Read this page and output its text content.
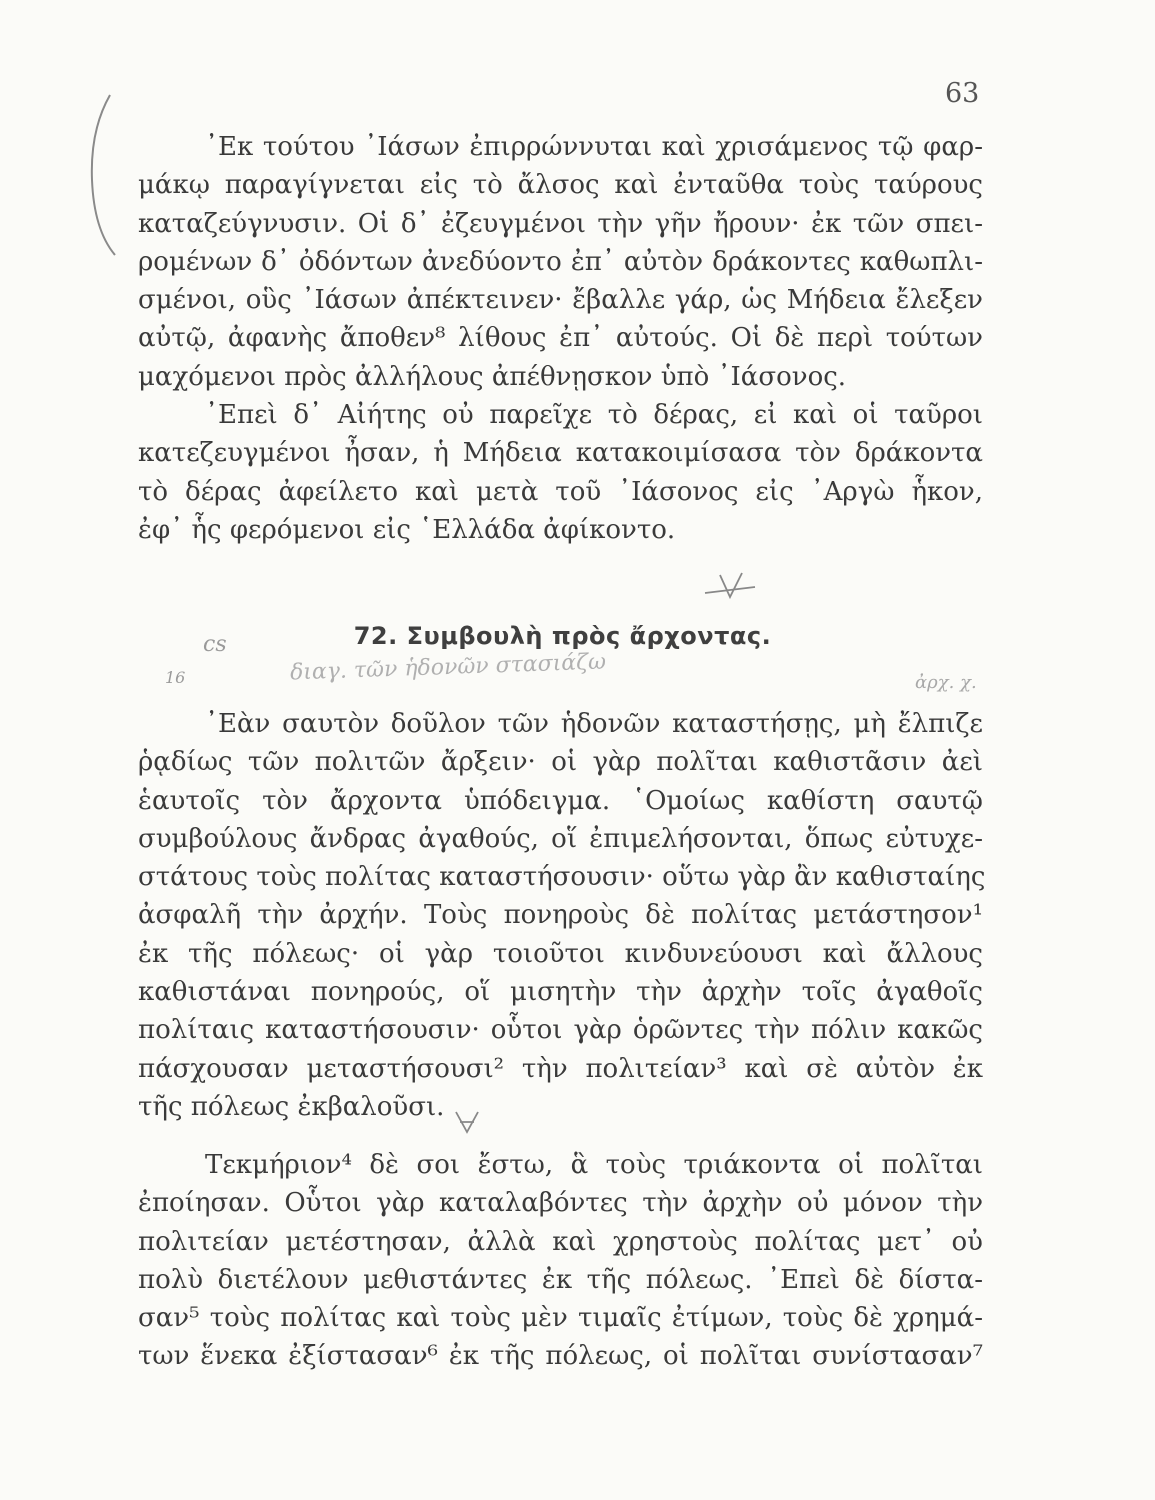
63
᾿Εκ τούτου ᾿Ιάσων ἐπιρρώννυται καὶ χρισάμενος τῷ φαρ-
μάκῳ παραγίγνεται εἰς τὸ ἄλσος καὶ ἐνταῦθα τοὺς ταύρους
καταζεύγνυσιν. Οἱ δ᾿ ἐζευγμένοι τὴν γῆν ἤρουν· ἐκ τῶν σπει-
ρομένων δ᾿ ὀδόντων ἀνεδύοντο ἐπ᾿ αὐτὸν δράκοντες καθωπλι-
σμένοι, οὓς ᾿Ιάσων ἀπέκτεινεν· ἔβαλλε γάρ, ὡς Μήδεια ἔλεξεν
αὐτῷ, ἀφανὴς ἄποθεν⁸ λίθους ἐπ᾿ αὐτούς. Οἱ δὲ περὶ τούτων
μαχόμενοι πρὸς ἀλλήλους ἀπέθνῃσκον ὑπὸ ᾿Ιάσονος.
᾿Επεὶ δ᾿ Αἰήτης οὐ παρεῖχε τὸ δέρας, εἰ καὶ οἱ ταῦροι
κατεζευγμένοι ἦσαν, ἡ Μήδεια κατακοιμίσασα τὸν δράκοντα
τὸ δέρας ἀφείλετο καὶ μετὰ τοῦ ᾿Ιάσονος εἰς ᾿Αργὼ ἧκον,
ἐφ᾿ ἧς φερόμενοι εἰς ῾Ελλάδα ἀφίκοντο.
72. Συμβουλὴ πρὸς ἄρχοντας.
cs
16	διαγ. τῶν ἡδονῶν στασιάζω	ἀρχ. χ.
᾿Εὰν σαυτὸν δοῦλον τῶν ἡδονῶν καταστήσῃς, μὴ ἔλπιζε
ῥᾳδίως τῶν πολιτῶν ἄρξειν· οἱ γὰρ πολῖται καθιστᾶσιν ἀεὶ
ἑαυτοῖς τὸν ἄρχοντα ὑπόδειγμα. ῾Ομοίως καθίστη σαυτῷ
συμβούλους ἄνδρας ἀγαθούς, οἵ ἐπιμελήσονται, ὅπως εὐτυχε-
στάτους τοὺς πολίτας καταστήσουσιν· οὕτω γὰρ ἂν καθισταίης
ἀσφαλῆ τὴν ἀρχήν. Τοὺς πονηροὺς δὲ πολίτας μετάστησον¹
ἐκ τῆς πόλεως· οἱ γὰρ τοιοῦτοι κινδυνεύουσι καὶ ἄλλους
καθιστάναι πονηρούς, οἵ μισητὴν τὴν ἀρχὴν τοῖς ἀγαθοῖς
πολίταις καταστήσουσιν· οὗτοι γὰρ ὁρῶντες τὴν πόλιν κακῶς
πάσχουσαν μεταστήσουσι² τὴν πολιτείαν³ καὶ σὲ αὐτὸν ἐκ
τῆς πόλεως ἐκβαλοῦσι.
Τεκμήριον⁴ δὲ σοι ἔστω, ἃ τοὺς τριάκοντα οἱ πολῖται
ἐποίησαν. Οὗτοι γὰρ καταλαβόντες τὴν ἀρχὴν οὐ μόνον τὴν
πολιτείαν μετέστησαν, ἀλλὰ καὶ χρηστοὺς πολίτας μετ᾿ οὐ
πολὺ διετέλουν μεθιστάντες ἐκ τῆς πόλεως. ᾿Επεὶ δὲ δίστα-
σαν⁵ τοὺς πολίτας καὶ τοὺς μὲν τιμαῖς ἐτίμων, τοὺς δὲ χρημά-
των ἕνεκα ἐξίστασαν⁶ ἐκ τῆς πόλεως, οἱ πολῖται συνίστασαν⁷
